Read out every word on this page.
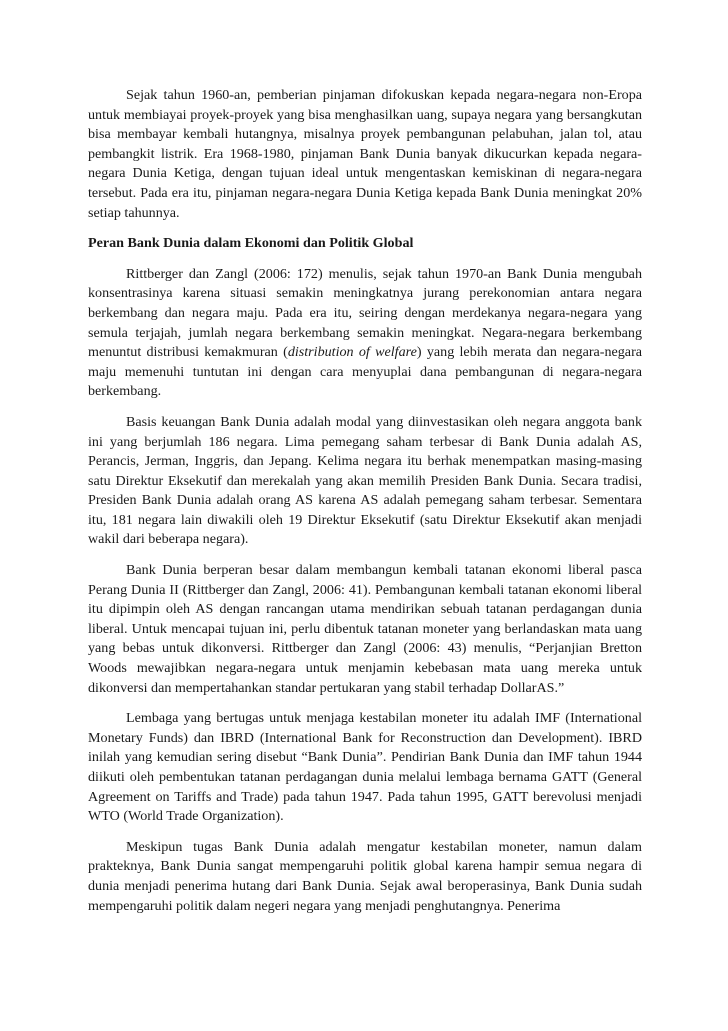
Sejak tahun 1960-an, pemberian pinjaman difokuskan kepada negara-negara non-Eropa untuk membiayai proyek-proyek yang bisa menghasilkan uang, supaya negara yang bersangkutan bisa membayar kembali hutangnya, misalnya proyek pembangunan pelabuhan, jalan tol, atau pembangkit listrik. Era 1968-1980, pinjaman Bank Dunia banyak dikucurkan kepada negara-negara Dunia Ketiga, dengan tujuan ideal untuk mengentaskan kemiskinan di negara-negara tersebut. Pada era itu, pinjaman negara-negara Dunia Ketiga kepada Bank Dunia meningkat 20% setiap tahunnya.

Peran Bank Dunia dalam Ekonomi dan Politik Global

Rittberger dan Zangl (2006: 172) menulis, sejak tahun 1970-an Bank Dunia mengubah konsentrasinya karena situasi semakin meningkatnya jurang perekonomian antara negara berkembang dan negara maju. Pada era itu, seiring dengan merdekanya negara-negara yang semula terjajah, jumlah negara berkembang semakin meningkat. Negara-negara berkembang menuntut distribusi kemakmuran (distribution of welfare) yang lebih merata dan negara-negara maju memenuhi tuntutan ini dengan cara menyuplai dana pembangunan di negara-negara berkembang.

Basis keuangan Bank Dunia adalah modal yang diinvestasikan oleh negara anggota bank ini yang berjumlah 186 negara. Lima pemegang saham terbesar di Bank Dunia adalah AS, Perancis, Jerman, Inggris, dan Jepang. Kelima negara itu berhak menempatkan masing-masing satu Direktur Eksekutif dan merekalah yang akan memilih Presiden Bank Dunia. Secara tradisi, Presiden Bank Dunia adalah orang AS karena AS adalah pemegang saham terbesar. Sementara itu, 181 negara lain diwakili oleh 19 Direktur Eksekutif (satu Direktur Eksekutif akan menjadi wakil dari beberapa negara).

Bank Dunia berperan besar dalam membangun kembali tatanan ekonomi liberal pasca Perang Dunia II (Rittberger dan Zangl, 2006: 41). Pembangunan kembali tatanan ekonomi liberal itu dipimpin oleh AS dengan rancangan utama mendirikan sebuah tatanan perdagangan dunia liberal. Untuk mencapai tujuan ini, perlu dibentuk tatanan moneter yang berlandaskan mata uang yang bebas untuk dikonversi. Rittberger dan Zangl (2006: 43) menulis, “Perjanjian Bretton Woods mewajibkan negara-negara untuk menjamin kebebasan mata uang mereka untuk dikonversi dan mempertahankan standar pertukaran yang stabil terhadap DollarAS.”

Lembaga yang bertugas untuk menjaga kestabilan moneter itu adalah IMF (International Monetary Funds) dan IBRD (International Bank for Reconstruction dan Development). IBRD inilah yang kemudian sering disebut “Bank Dunia”. Pendirian Bank Dunia dan IMF tahun 1944 diikuti oleh pembentukan tatanan perdagangan dunia melalui lembaga bernama GATT (General Agreement on Tariffs and Trade) pada tahun 1947. Pada tahun 1995, GATT berevolusi menjadi WTO (World Trade Organization).

Meskipun tugas Bank Dunia adalah mengatur kestabilan moneter, namun dalam prakteknya, Bank Dunia sangat mempengaruhi politik global karena hampir semua negara di dunia menjadi penerima hutang dari Bank Dunia. Sejak awal beroperasinya, Bank Dunia sudah mempengaruhi politik dalam negeri negara yang menjadi penghutangnya. Penerima
